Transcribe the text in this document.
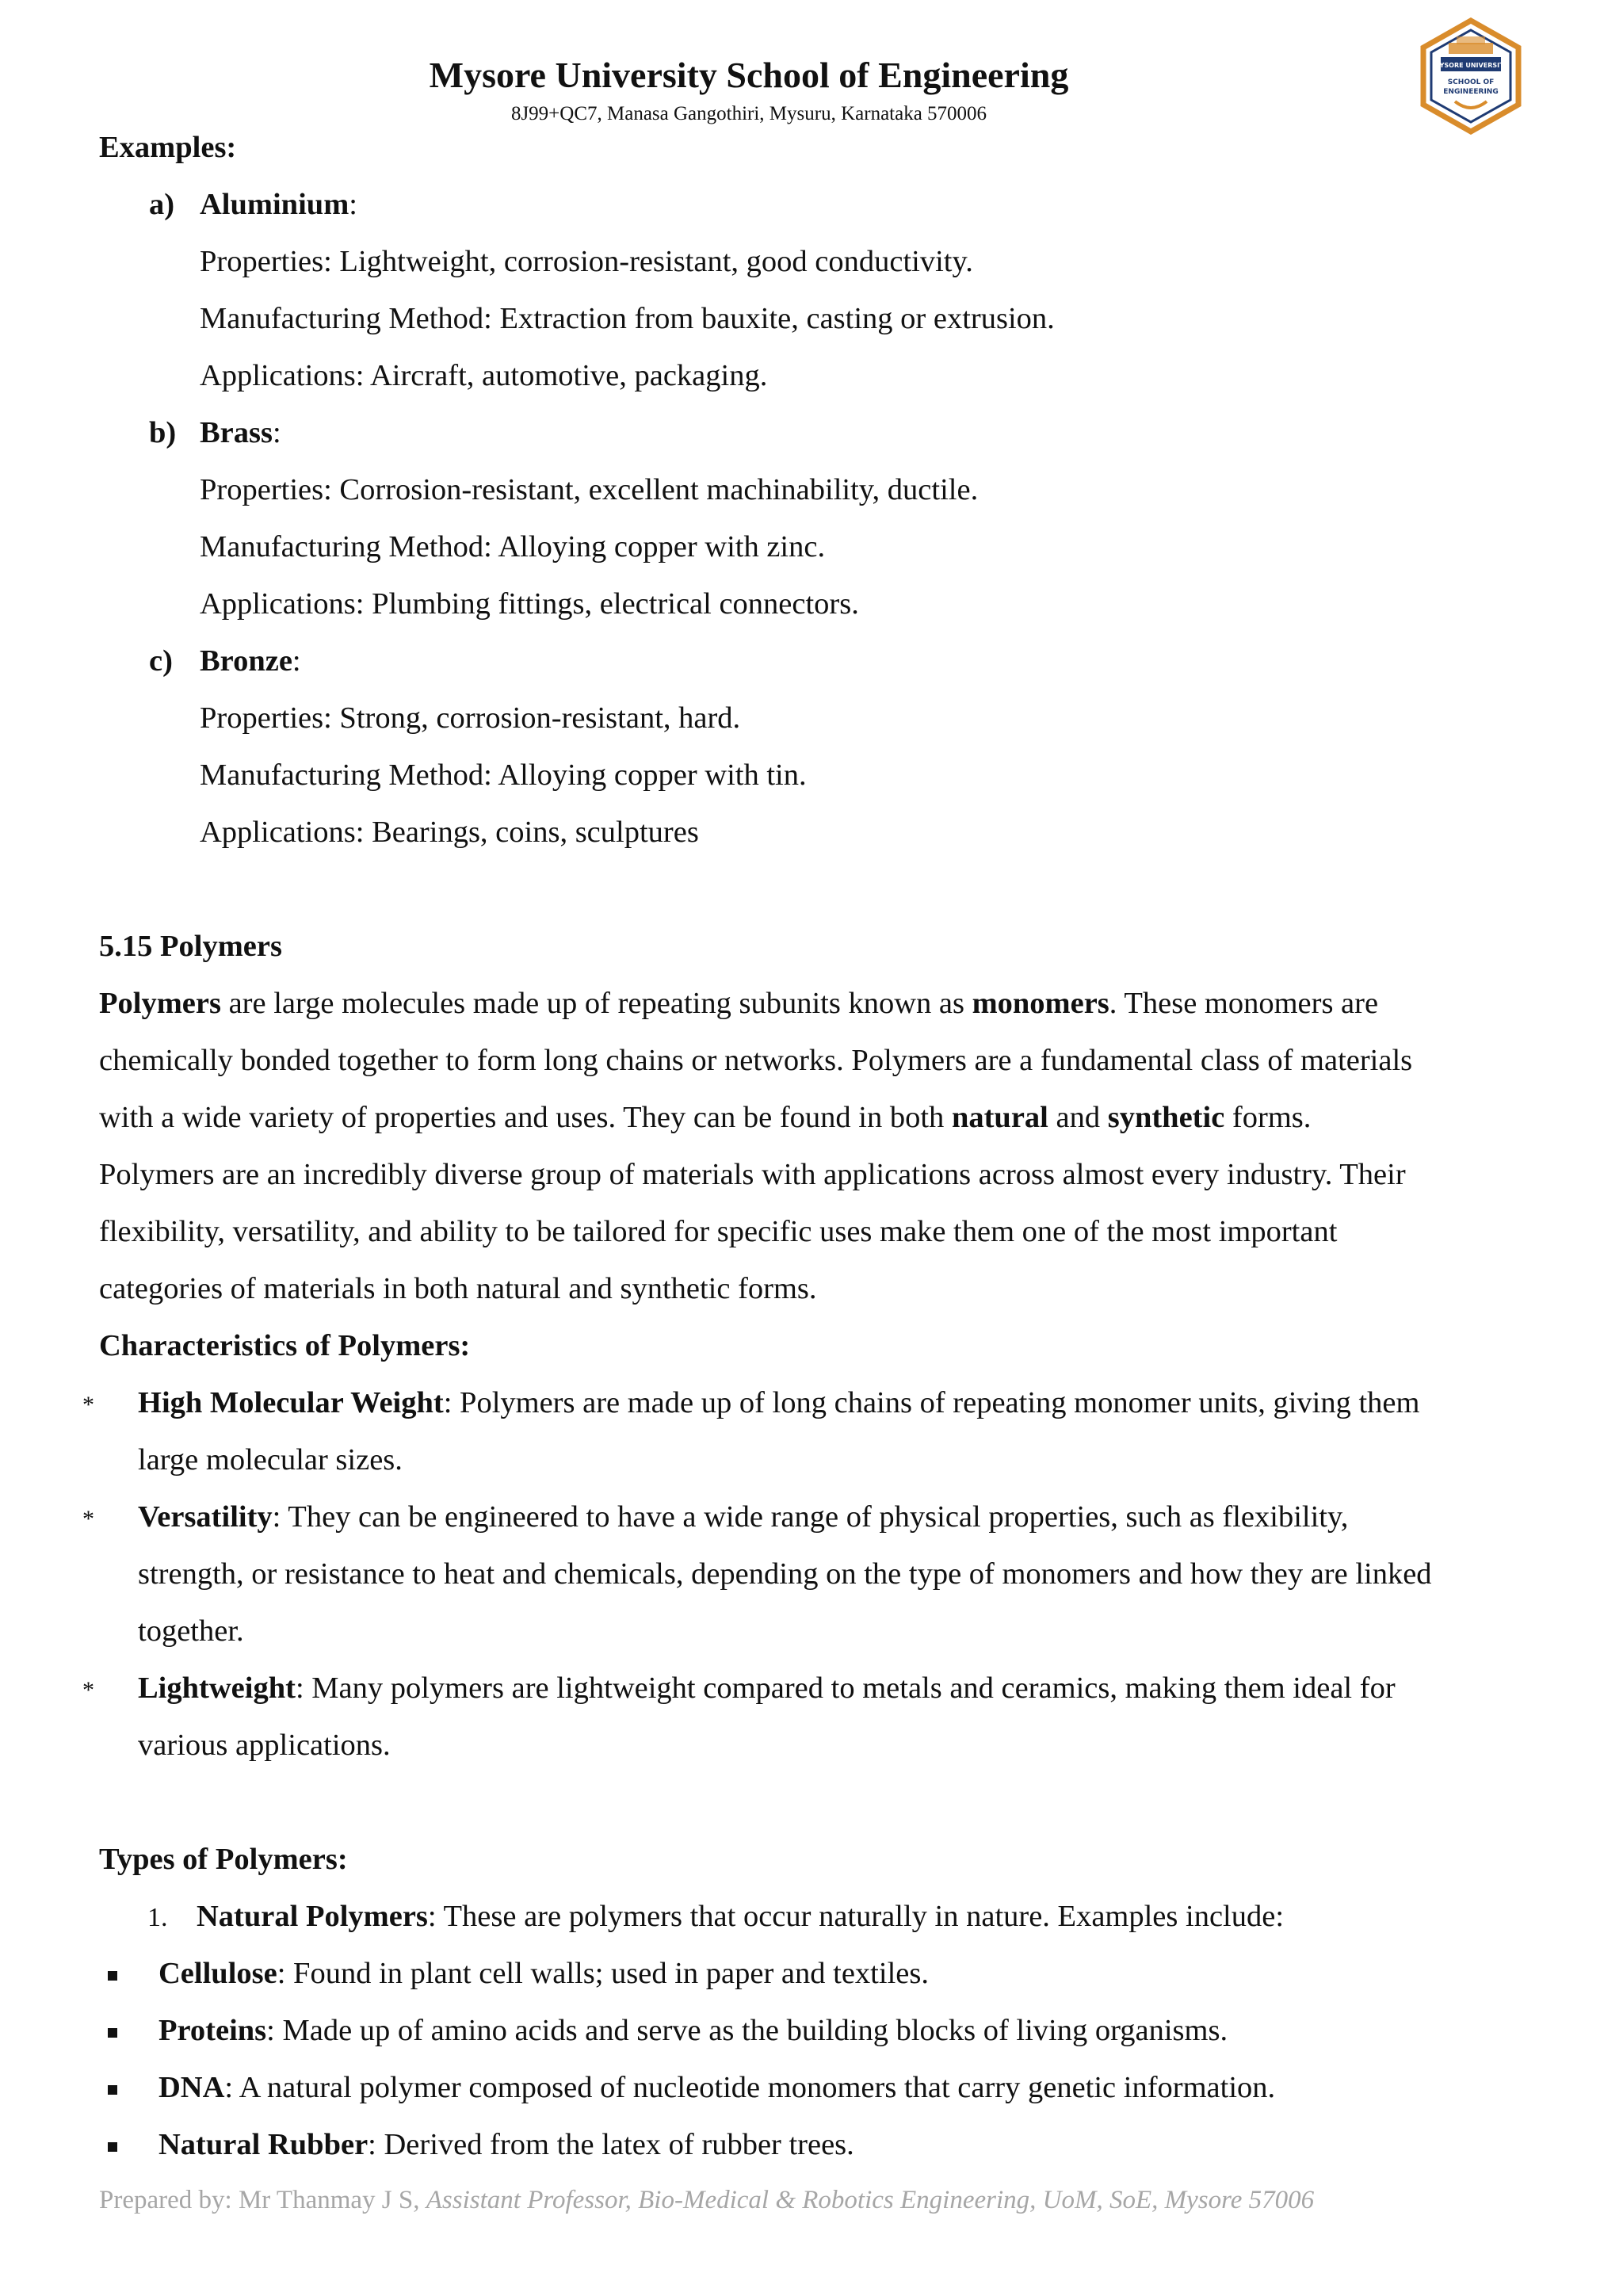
Mysore University School of Engineering
8J99+QC7, Manasa Gangothiri, Mysuru, Karnataka 570006
MYSORE UNIVERSITY
SCHOOL OF
ENGINEERING
Examples:
a) Aluminium:
Properties: Lightweight, corrosion-resistant, good conductivity.
Manufacturing Method: Extraction from bauxite, casting or extrusion.
Applications: Aircraft, automotive, packaging.
b) Brass:
Properties: Corrosion-resistant, excellent machinability, ductile.
Manufacturing Method: Alloying copper with zinc.
Applications: Plumbing fittings, electrical connectors.
c) Bronze:
Properties: Strong, corrosion-resistant, hard.
Manufacturing Method: Alloying copper with tin.
Applications: Bearings, coins, sculptures
5.15 Polymers
Polymers are large molecules made up of repeating subunits known as monomers. These monomers are
chemically bonded together to form long chains or networks. Polymers are a fundamental class of materials
with a wide variety of properties and uses. They can be found in both natural and synthetic forms.
Polymers are an incredibly diverse group of materials with applications across almost every industry. Their
flexibility, versatility, and ability to be tailored for specific uses make them one of the most important
categories of materials in both natural and synthetic forms.
Characteristics of Polymers:
* High Molecular Weight: Polymers are made up of long chains of repeating monomer units, giving them
large molecular sizes.
* Versatility: They can be engineered to have a wide range of physical properties, such as flexibility,
strength, or resistance to heat and chemicals, depending on the type of monomers and how they are linked
together.
* Lightweight: Many polymers are lightweight compared to metals and ceramics, making them ideal for
various applications.
Types of Polymers:
1. Natural Polymers: These are polymers that occur naturally in nature. Examples include:
Cellulose: Found in plant cell walls; used in paper and textiles.
Proteins: Made up of amino acids and serve as the building blocks of living organisms.
DNA: A natural polymer composed of nucleotide monomers that carry genetic information.
Natural Rubber: Derived from the latex of rubber trees.
Prepared by: Mr Thanmay J S, Assistant Professor, Bio-Medical & Robotics Engineering, UoM, SoE, Mysore 57006
